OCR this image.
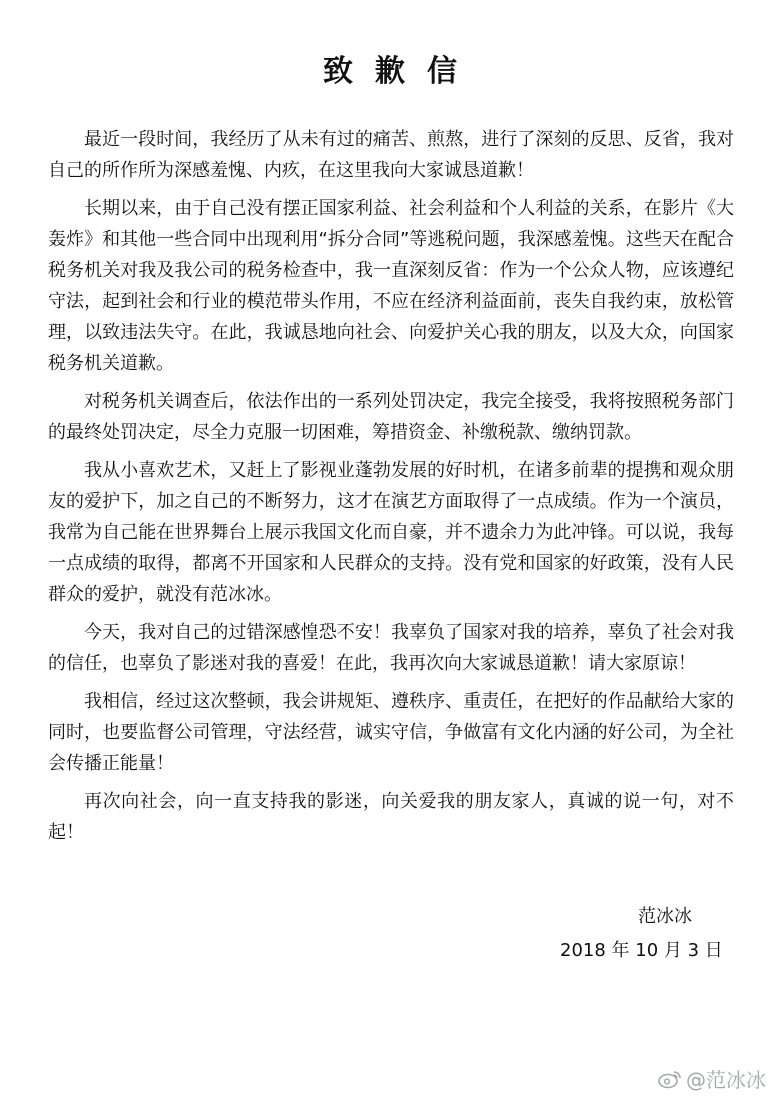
致歉信

最近一段时间，我经历了从未有过的痛苦、煎熬，进行了深刻的反思、反省，我对自己的所作所为深感羞愧、内疚，在这里我向大家诚恳道歉！

长期以来，由于自己没有摆正国家利益、社会利益和个人利益的关系，在影片《大轰炸》和其他一些合同中出现利用“拆分合同”等逃税问题，我深感羞愧。这些天在配合税务机关对我及我公司的税务检查中，我一直深刻反省：作为一个公众人物，应该遵纪守法，起到社会和行业的模范带头作用，不应在经济利益面前，丧失自我约束，放松管理，以致违法失守。在此，我诚恳地向社会、向爱护关心我的朋友，以及大众，向国家税务机关道歉。

对税务机关调查后，依法作出的一系列处罚决定，我完全接受，我将按照税务部门的最终处罚决定，尽全力克服一切困难，筹措资金、补缴税款、缴纳罚款。

我从小喜欢艺术，又赶上了影视业蓬勃发展的好时机，在诸多前辈的提携和观众朋友的爱护下，加之自己的不断努力，这才在演艺方面取得了一点成绩。作为一个演员，我常为自己能在世界舞台上展示我国文化而自豪，并不遗余力为此冲锋。可以说，我每一点成绩的取得，都离不开国家和人民群众的支持。没有党和国家的好政策，没有人民群众的爱护，就没有范冰冰。

今天，我对自己的过错深感惶恐不安！我辜负了国家对我的培养，辜负了社会对我的信任，也辜负了影迷对我的喜爱！在此，我再次向大家诚恳道歉！请大家原谅！

我相信，经过这次整顿，我会讲规矩、遵秩序、重责任，在把好的作品献给大家的同时，也要监督公司管理，守法经营，诚实守信，争做富有文化内涵的好公司，为全社会传播正能量！

再次向社会，向一直支持我的影迷，向关爱我的朋友家人，真诚的说一句，对不起！

范冰冰
2018 年 10 月 3 日
@范冰冰
